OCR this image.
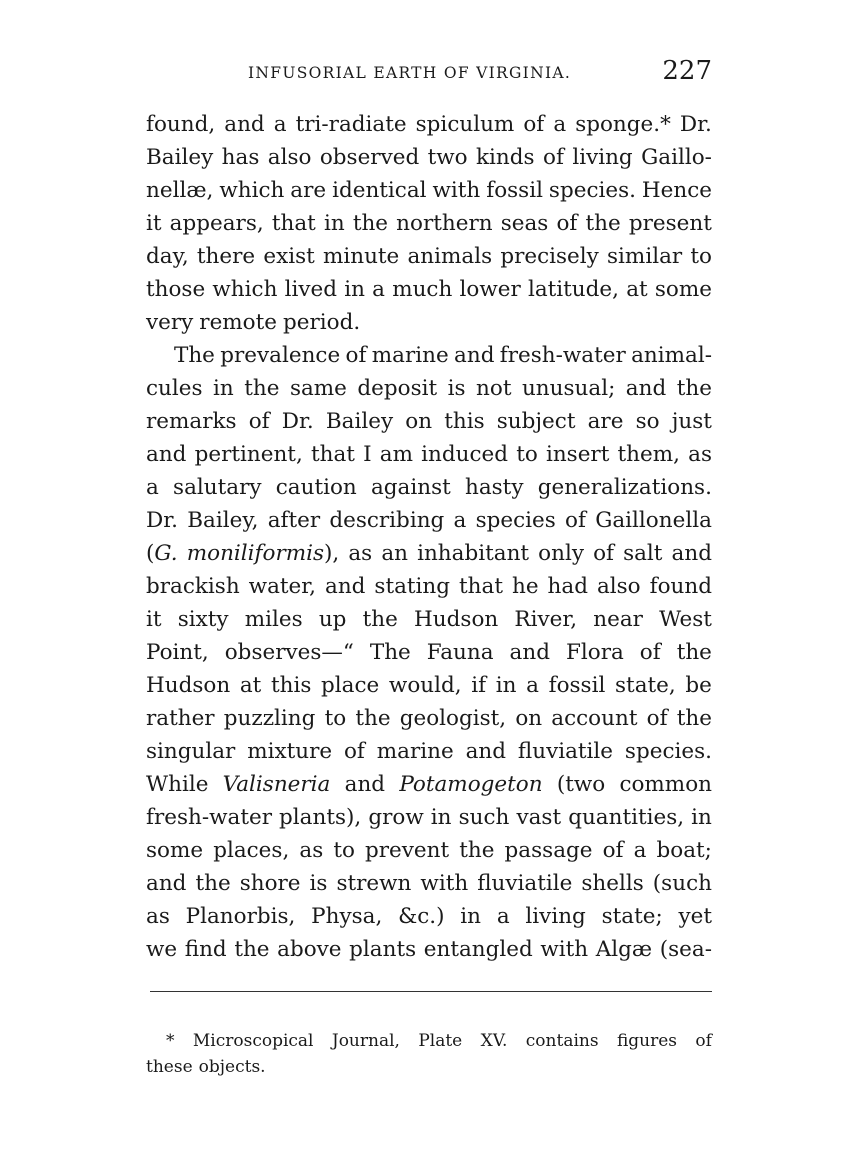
INFUSORIAL EARTH OF VIRGINIA.	227
found, and a tri-radiate spiculum of a sponge.* Dr.
Bailey has also observed two kinds of living Gaillo-
nellæ, which are identical with fossil species. Hence
it appears, that in the northern seas of the present
day, there exist minute animals precisely similar to
those which lived in a much lower latitude, at some
very remote period.
The prevalence of marine and fresh-water animal-
cules in the same deposit is not unusual; and the
remarks of Dr. Bailey on this subject are so just
and pertinent, that I am induced to insert them, as
a salutary caution against hasty generalizations.
Dr. Bailey, after describing a species of Gaillonella
(G. moniliformis), as an inhabitant only of salt and
brackish water, and stating that he had also found
it sixty miles up the Hudson River, near West
Point, observes—“ The Fauna and Flora of the
Hudson at this place would, if in a fossil state, be
rather puzzling to the geologist, on account of the
singular mixture of marine and fluviatile species.
While Valisneria and Potamogeton (two common
fresh-water plants), grow in such vast quantities, in
some places, as to prevent the passage of a boat;
and the shore is strewn with fluviatile shells (such
as Planorbis, Physa, &c.) in a living state; yet
we find the above plants entangled with Algæ (sea-
* Microscopical Journal, Plate XV. contains figures of
these objects.
